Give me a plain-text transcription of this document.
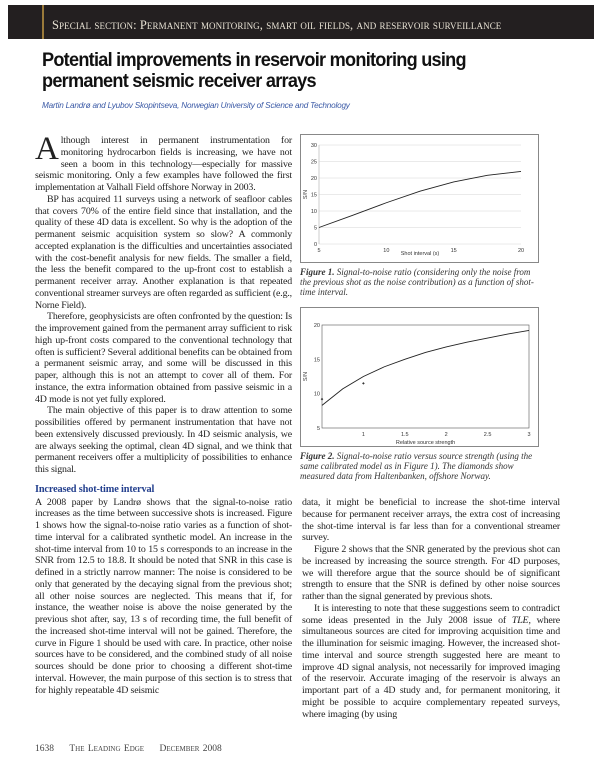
Special section: Permanent monitoring, smart oil fields, and reservoir surveillance
Potential improvements in reservoir monitoring using permanent seismic receiver arrays
Martin Landrø and Lyubov Skopintseva, Norwegian University of Science and Technology

Although interest in permanent instrumentation for monitoring hydrocarbon fields is increasing, we have not seen a boom in this technology—especially for massive seismic monitoring. Only a few examples have followed the first implementation at Valhall Field offshore Norway in 2003.

BP has acquired 11 surveys using a network of seafloor cables that covers 70% of the entire field since that installation, and the quality of these 4D data is excellent. So why is the adoption of the permanent seismic acquisition system so slow? A commonly accepted explanation is the difficulties and uncertainties associated with the cost-benefit analysis for new fields. The smaller a field, the less the benefit compared to the up-front cost to establish a permanent receiver array. Another explanation is that repeated conventional streamer surveys are often regarded as sufficient (e.g., Norne Field).

Therefore, geophysicists are often confronted by the question: Is the improvement gained from the permanent array sufficient to risk high up-front costs compared to the conventional technology that often is sufficient? Several additional benefits can be obtained from a permanent seismic array, and some will be discussed in this paper, although this is not an attempt to cover all of them. For instance, the extra information obtained from passive seismic in a 4D mode is not yet fully explored.

The main objective of this paper is to draw attention to some possibilities offered by permanent instrumentation that have not been extensively discussed previously. In 4D seismic analysis, we are always seeking the optimal, clean 4D signal, and we think that permanent receivers offer a multiplicity of possibilities to enhance this signal.

Increased shot-time interval

A 2008 paper by Landrø shows that the signal-to-noise ratio increases as the time between successive shots is increased. Figure 1 shows how the signal-to-noise ratio varies as a function of shot-time interval for a calibrated synthetic model. An increase in the shot-time interval from 10 to 15 s corresponds to an increase in the SNR from 12.5 to 18.8. It should be noted that SNR in this case is defined in a strictly narrow manner: The noise is considered to be only that generated by the decaying signal from the previous shot; all other noise sources are neglected. This means that if, for instance, the weather noise is above the noise generated by the previous shot after, say, 13 s of recording time, the full benefit of the increased shot-time interval will not be gained. Therefore, the curve in Figure 1 should be used with care. In practice, other noise sources have to be considered, and the combined study of all noise sources should be done prior to choosing a different shot-time interval. However, the main purpose of this section is to stress that for highly repeatable 4D seismic

0
5
10
15
20
25
30
5	10	15	20
Shot interval (s)
S/N
Figure 1. Signal-to-noise ratio (considering only the noise from the previous shot as the noise contribution) as a function of shot-time interval.
5
10
15
20
1	1.5	2	2.5	3
Relative source strength
S/N
Figure 2. Signal-to-noise ratio versus source strength (using the same calibrated model as in Figure 1). The diamonds show measured data from Haltenbanken, offshore Norway.

data, it might be beneficial to increase the shot-time interval because for permanent receiver arrays, the extra cost of increasing the shot-time interval is far less than for a conventional streamer survey.

Figure 2 shows that the SNR generated by the previous shot can be increased by increasing the source strength. For 4D purposes, we will therefore argue that the source should be of significant strength to ensure that the SNR is defined by other noise sources rather than the signal generated by previous shots.

It is interesting to note that these suggestions seem to contradict some ideas presented in the July 2008 issue of TLE, where simultaneous sources are cited for improving acquisition time and the illumination for seismic imaging. However, the increased shot-time interval and source strength suggested here are meant to improve 4D signal analysis, not necessarily for improved imaging of the reservoir. Accurate imaging of the reservoir is always an important part of a 4D study and, for permanent monitoring, it might be possible to acquire complementary repeated surveys, where imaging (by using

1638 The Leading Edge December 2008
